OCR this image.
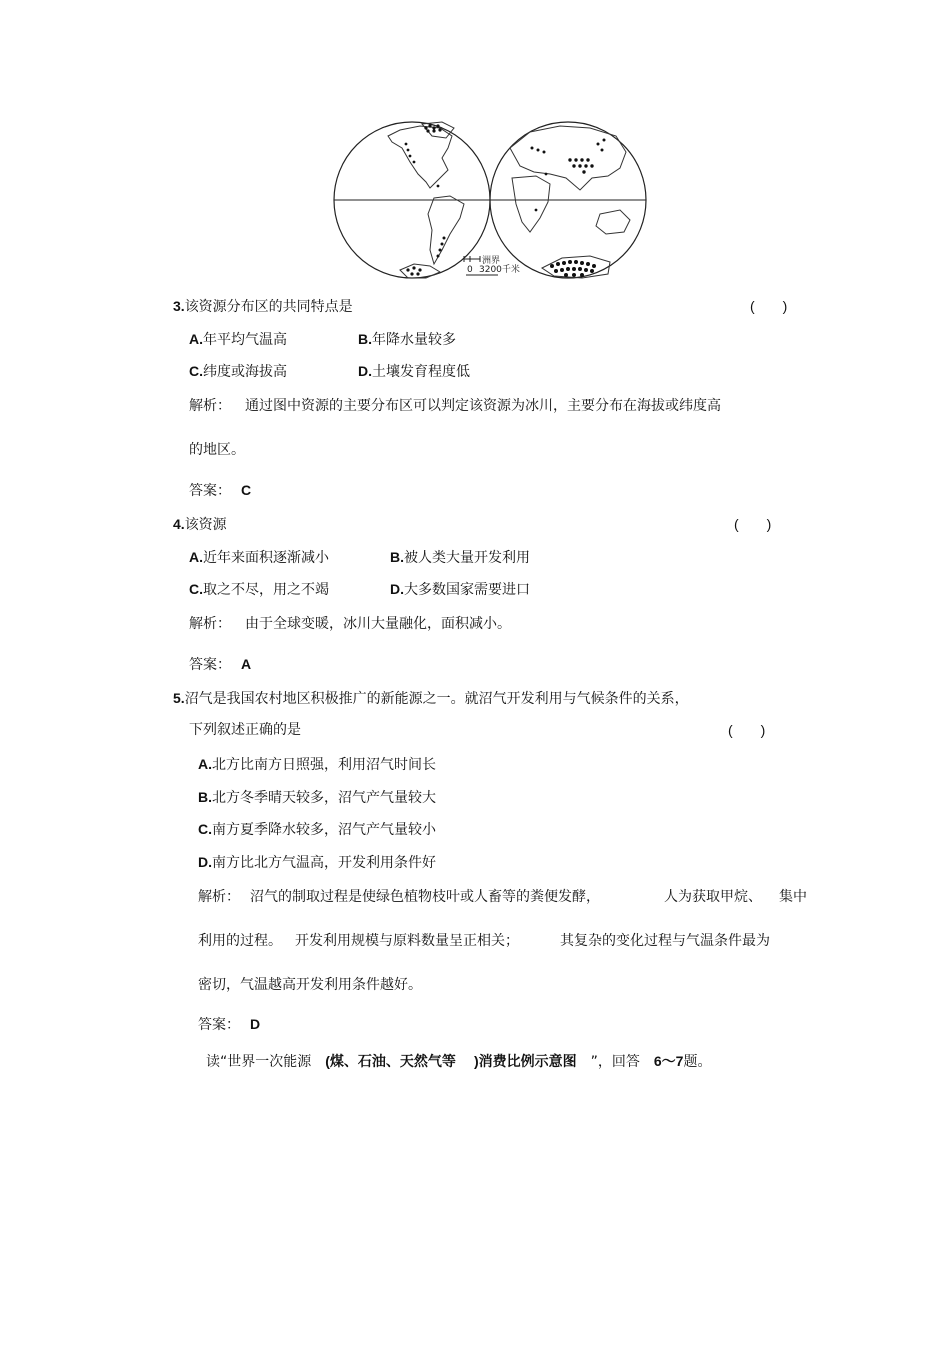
洲界
0 3200千米
3.该资源分布区的共同特点是	(　　)
A.年平均气温高	B.年降水量较多
C.纬度或海拔高	D.土壤发育程度低
解析： 通过图中资源的主要分布区可以判定该资源为冰川，主要分布在海拔或纬度高
的地区。
答案： C
4.该资源	(　　)
A.近年来面积逐渐减小	B.被人类大量开发利用
C.取之不尽，用之不竭	D.大多数国家需要进口
解析： 由于全球变暖，冰川大量融化，面积减小。
答案： A
5.沼气是我国农村地区积极推广的新能源之一。就沼气开发利用与气候条件的关系，
下列叙述正确的是	(　　)
A.北方比南方日照强，利用沼气时间长
B.北方冬季晴天较多，沼气产气量较大
C.南方夏季降水较多，沼气产气量较小
D.南方比北方气温高，开发利用条件好
解析： 沼气的制取过程是使绿色植物枝叶或人畜等的粪便发酵，	人为获取甲烷、 集中
利用的过程。 开发利用规模与原料数量呈正相关；	其复杂的变化过程与气温条件最为
密切，气温越高开发利用条件越好。
答案： D
读“世界一次能源 (煤、石油、天然气等 )消费比例示意图 ”，回答 6～7题。
